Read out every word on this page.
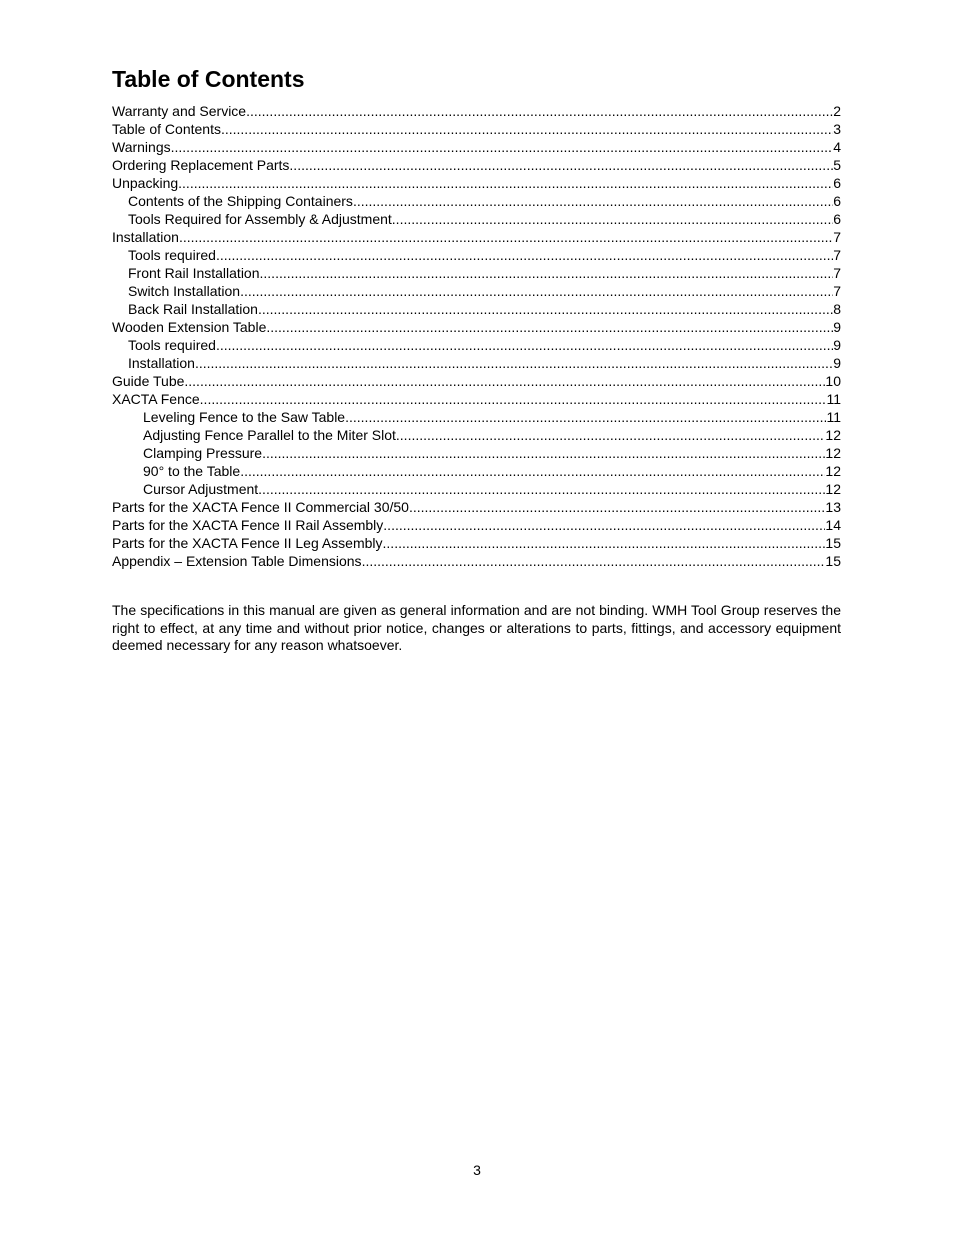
Table of Contents
Warranty and Service .....	2
Table of Contents .....	3
Warnings .....	4
Ordering Replacement Parts .....	5
Unpacking .....	6
Contents of the Shipping Containers .....	6
Tools Required for Assembly & Adjustment .....	6
Installation .....	7
Tools required .....	7
Front Rail Installation .....	7
Switch Installation .....	7
Back Rail Installation .....	8
Wooden Extension Table .....	9
Tools required .....	9
Installation .....	9
Guide Tube .....	10
XACTA Fence .....	11
Leveling Fence to the Saw Table .....	11
Adjusting Fence Parallel to the Miter Slot .....	12
Clamping Pressure .....	12
90° to the Table .....	12
Cursor Adjustment .....	12
Parts for the XACTA Fence II Commercial 30/50 .....	13
Parts for the XACTA Fence II Rail Assembly .....	14
Parts for the XACTA Fence II Leg Assembly .....	15
Appendix – Extension Table Dimensions .....	15

The specifications in this manual are given as general information and are not binding. WMH Tool Group reserves the right to effect, at any time and without prior notice, changes or alterations to parts, fittings, and accessory equipment deemed necessary for any reason whatsoever.

3
